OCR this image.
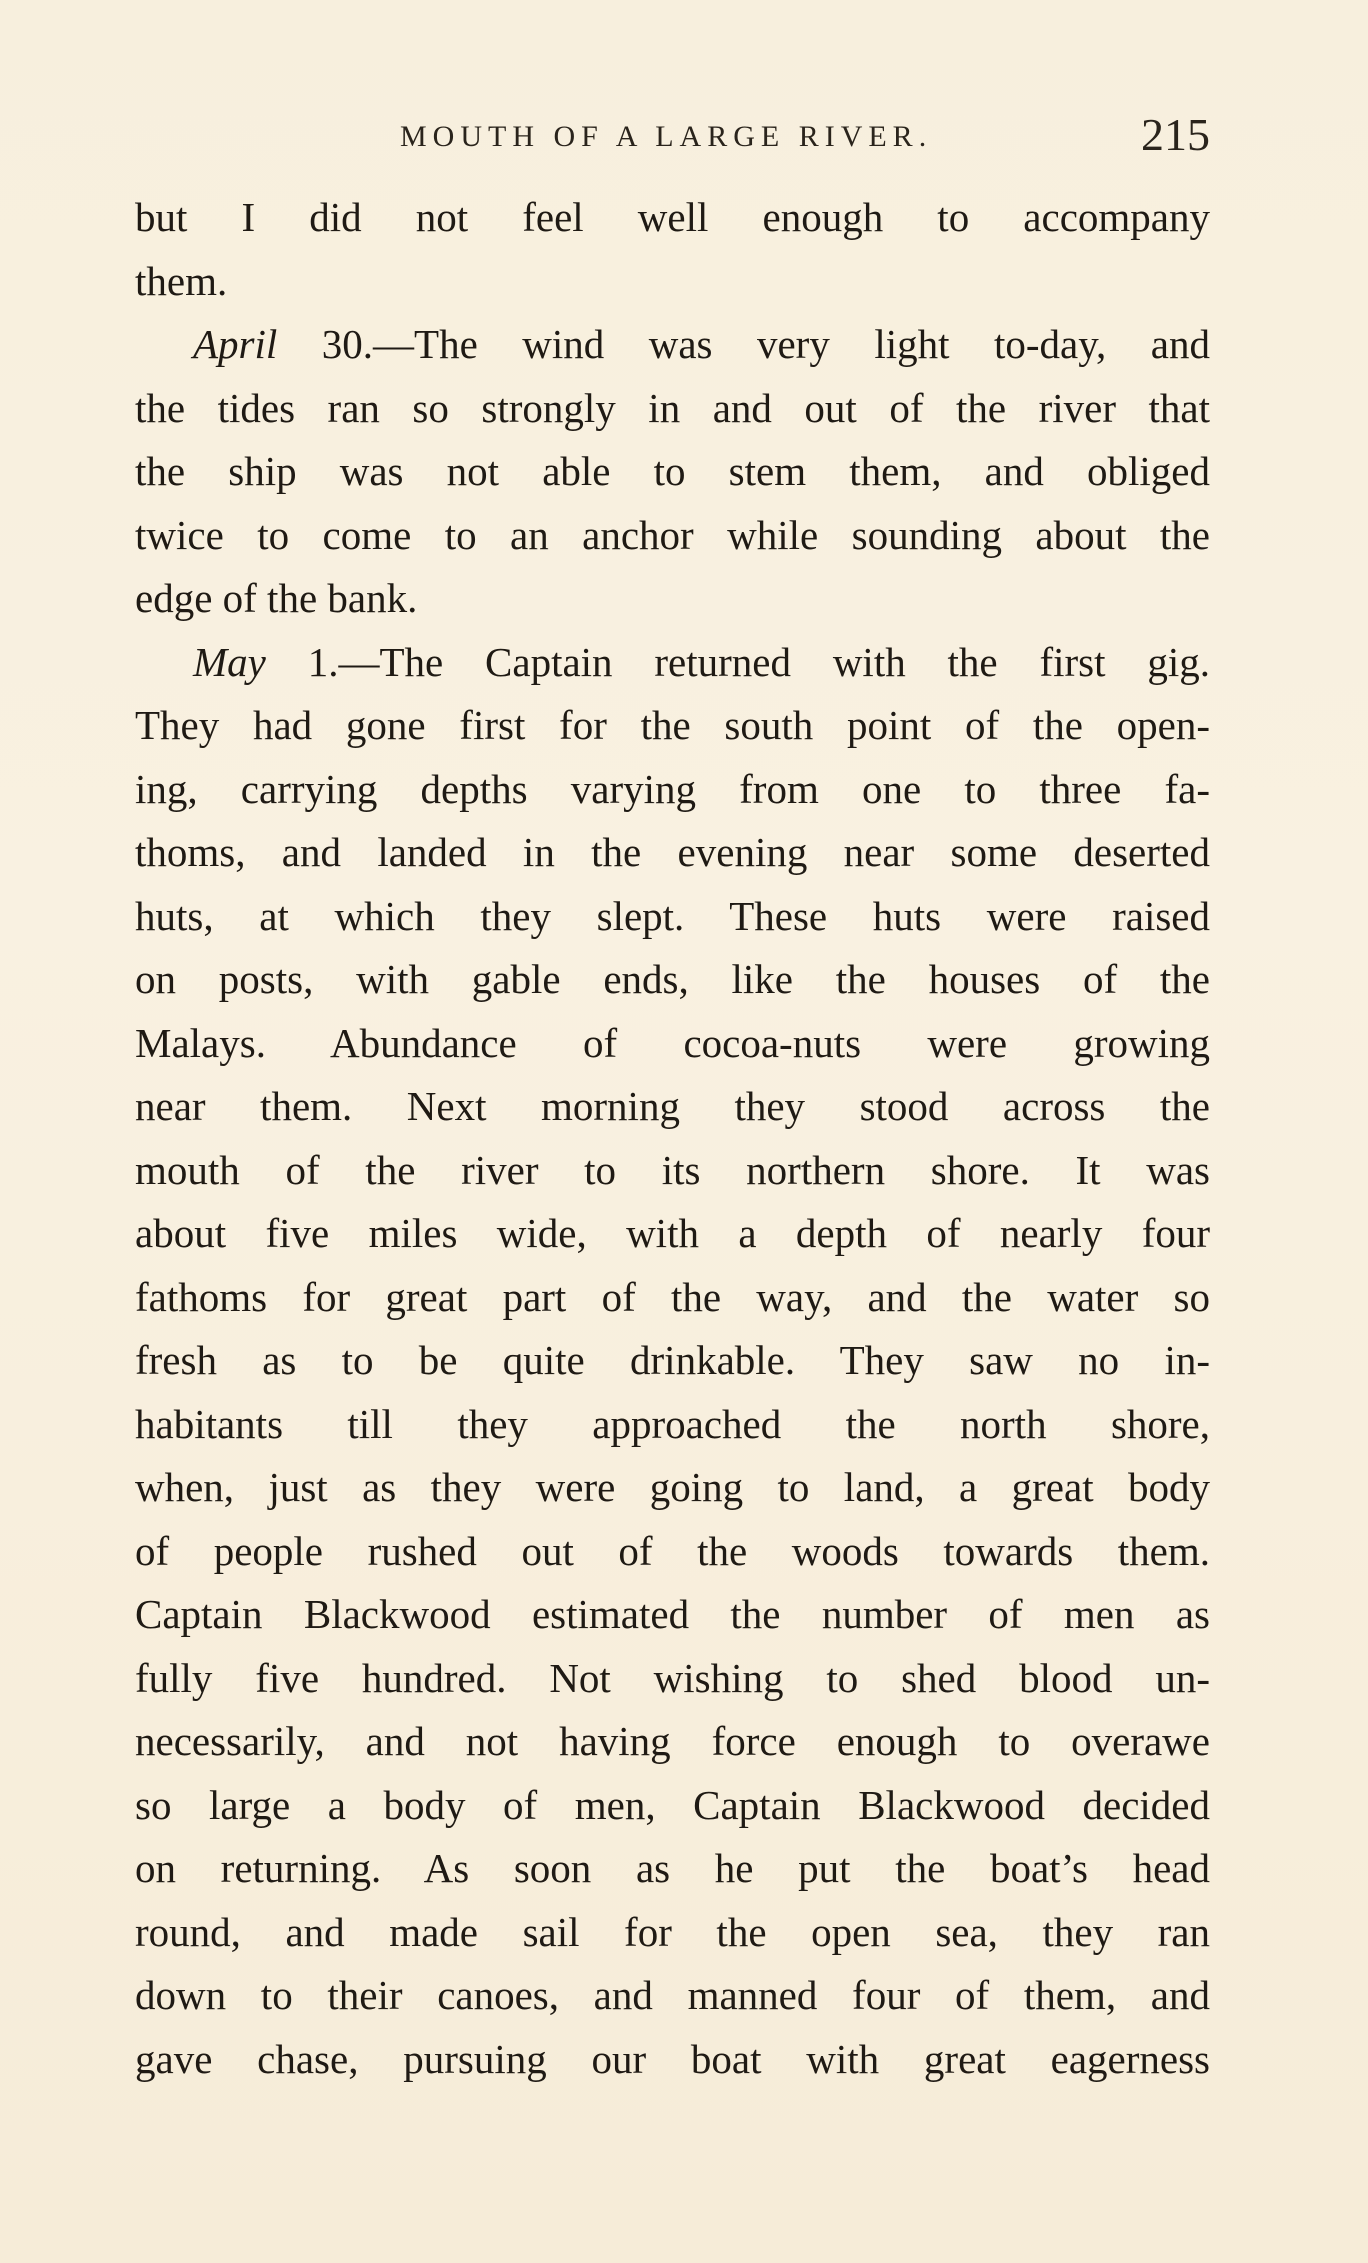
MOUTH OF A LARGE RIVER.	215
but I did not feel well enough to accompany
them.
April 30.—The wind was very light to-day, and
the tides ran so strongly in and out of the river that
the ship was not able to stem them, and obliged
twice to come to an anchor while sounding about the
edge of the bank.
May 1.—The Captain returned with the first gig.
They had gone first for the south point of the open-
ing, carrying depths varying from one to three fa-
thoms, and landed in the evening near some deserted
huts, at which they slept. These huts were raised
on posts, with gable ends, like the houses of the
Malays. Abundance of cocoa-nuts were growing
near them. Next morning they stood across the
mouth of the river to its northern shore. It was
about five miles wide, with a depth of nearly four
fathoms for great part of the way, and the water so
fresh as to be quite drinkable. They saw no in-
habitants till they approached the north shore,
when, just as they were going to land, a great body
of people rushed out of the woods towards them.
Captain Blackwood estimated the number of men as
fully five hundred. Not wishing to shed blood un-
necessarily, and not having force enough to overawe
so large a body of men, Captain Blackwood decided
on returning. As soon as he put the boat’s head
round, and made sail for the open sea, they ran
down to their canoes, and manned four of them, and
gave chase, pursuing our boat with great eagerness
